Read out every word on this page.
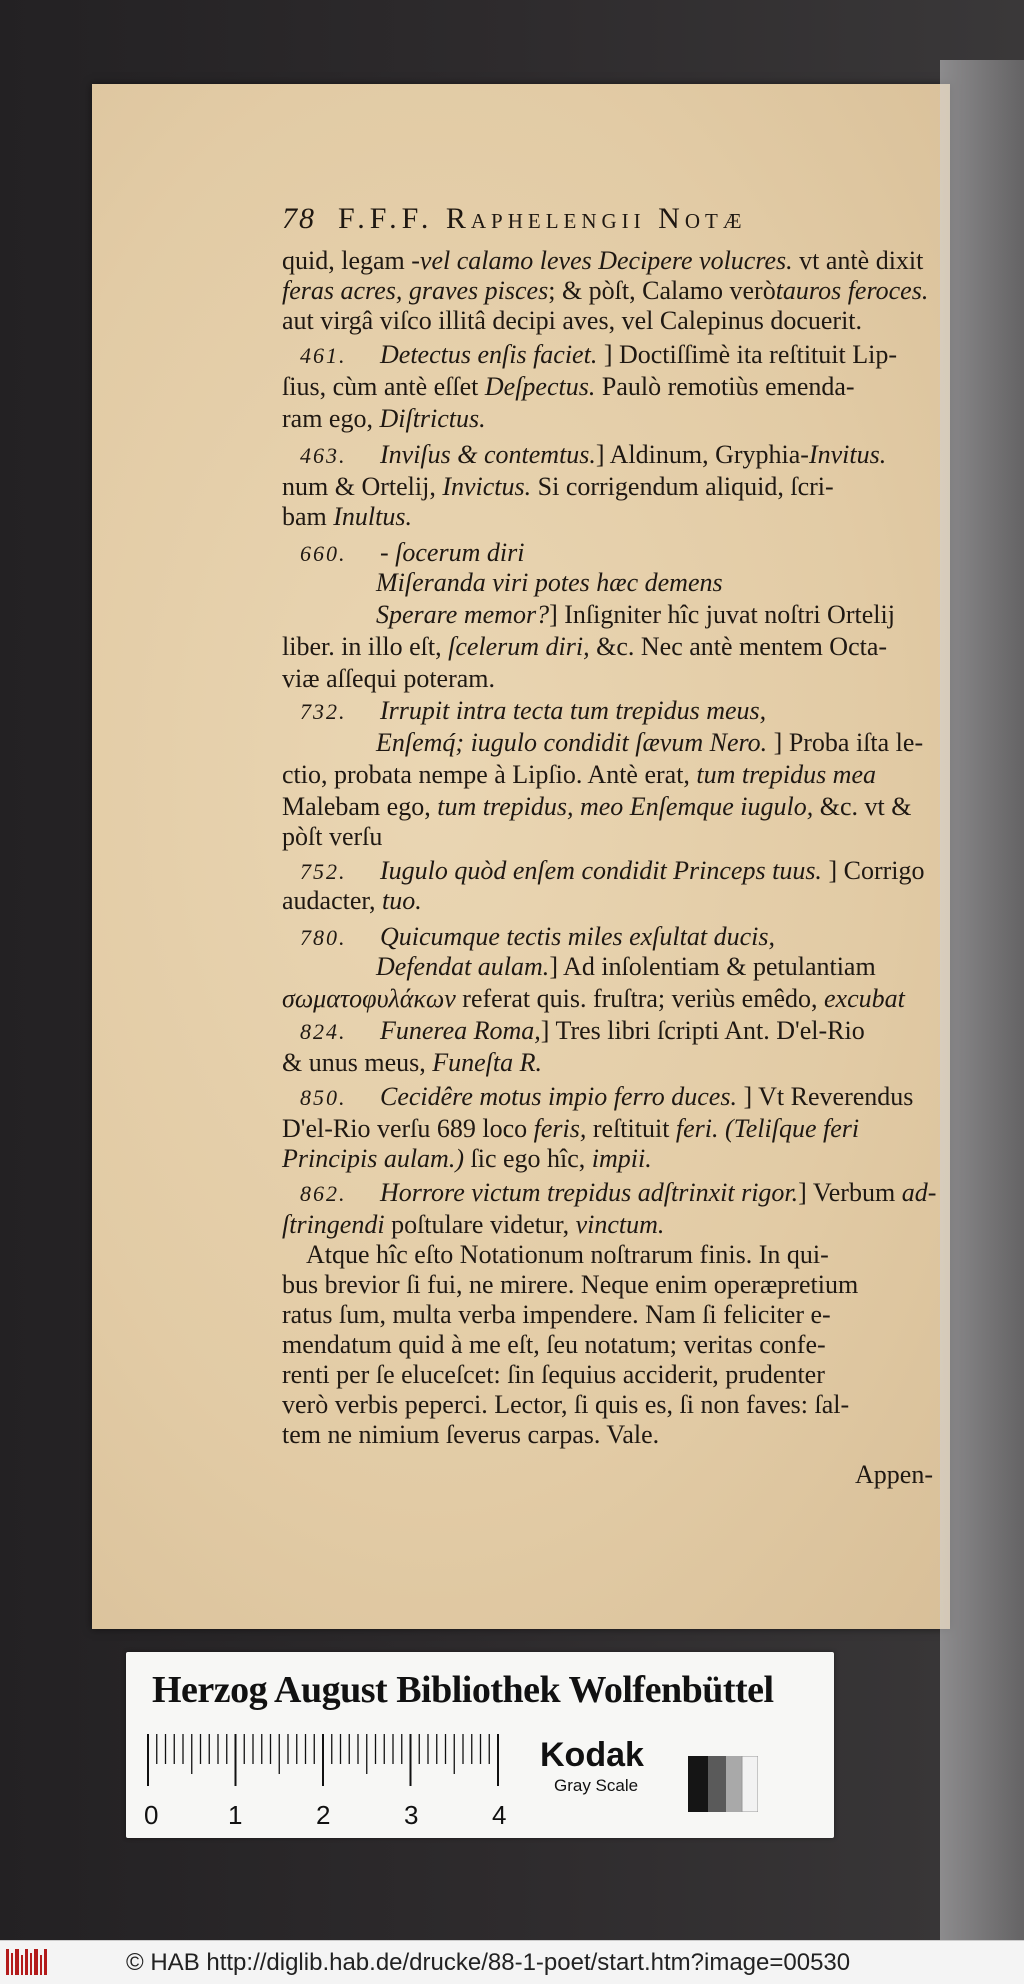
78 F.F.F. Raphelengii Notæ
quid, legam -vel calamo leves Decipere volucres. vt antè dixit
feras acres, graves pisces; & pòſt, Calamo veròtauros feroces.
aut virgâ viſco illitâ decipi aves, vel Calepinus docuerit.
461. Detectus enſis faciet. ] Doctiſſimè ita reſtituit Lip-
ſius, cùm antè eſſet Deſpectus. Paulò remotiùs emenda-
ram ego, Diſtrictus.
463. Inviſus & contemtus.] Aldinum, Gryphia-Invitus.
num & Ortelij, Invictus. Si corrigendum aliquid, ſcri-
bam Inultus.
660. - ſocerum diri
Miſeranda viri potes hæc demens
Sperare memor?] Inſigniter hîc juvat noſtri Ortelij
liber. in illo eſt, ſcelerum diri, &c. Nec antè mentem Octa-
viæ aſſequi poteram.
732. Irrupit intra tecta tum trepidus meus,
Enſemq́; iugulo condidit ſævum Nero. ] Proba iſta le-
ctio, probata nempe à Lipſio. Antè erat, tum trepidus mea
Malebam ego, tum trepidus, meo Enſemque iugulo, &c. vt &
pòſt verſu
752. Iugulo quòd enſem condidit Princeps tuus. ] Corrigo
audacter, tuo.
780. Quicumque tectis miles exſultat ducis,
Defendat aulam.] Ad inſolentiam & petulantiam
σωματοφυλάκων referat quis. fruſtra; veriùs emêdo, excubat
824. Funerea Roma,] Tres libri ſcripti Ant. D'el-Rio
& unus meus, Funeſta R.
850. Cecidêre motus impio ferro duces. ] Vt Reverendus
D'el-Rio verſu 689 loco feris, reſtituit feri. (Teliſque feri
Principis aulam.) ſic ego hîc, impii.
862. Horrore victum trepidus adſtrinxit rigor.] Verbum ad-
ſtringendi poſtulare videtur, vinctum.
Atque hîc eſto Notationum noſtrarum finis. In qui-
bus brevior ſi fui, ne mirere. Neque enim operæpretium
ratus ſum, multa verba impendere. Nam ſi feliciter e-
mendatum quid à me eſt, ſeu notatum; veritas confe-
renti per ſe eluceſcet: ſin ſequius acciderit, prudenter
verò verbis peperci. Lector, ſi quis es, ſi non faves: ſal-
tem ne nimium ſeverus carpas. Vale.
Appen-
Herzog August Bibliothek Wolfenbüttel
0	1	2	3	4
Kodak
Gray Scale
© HAB http://diglib.hab.de/drucke/88-1-poet/start.htm?image=00530
